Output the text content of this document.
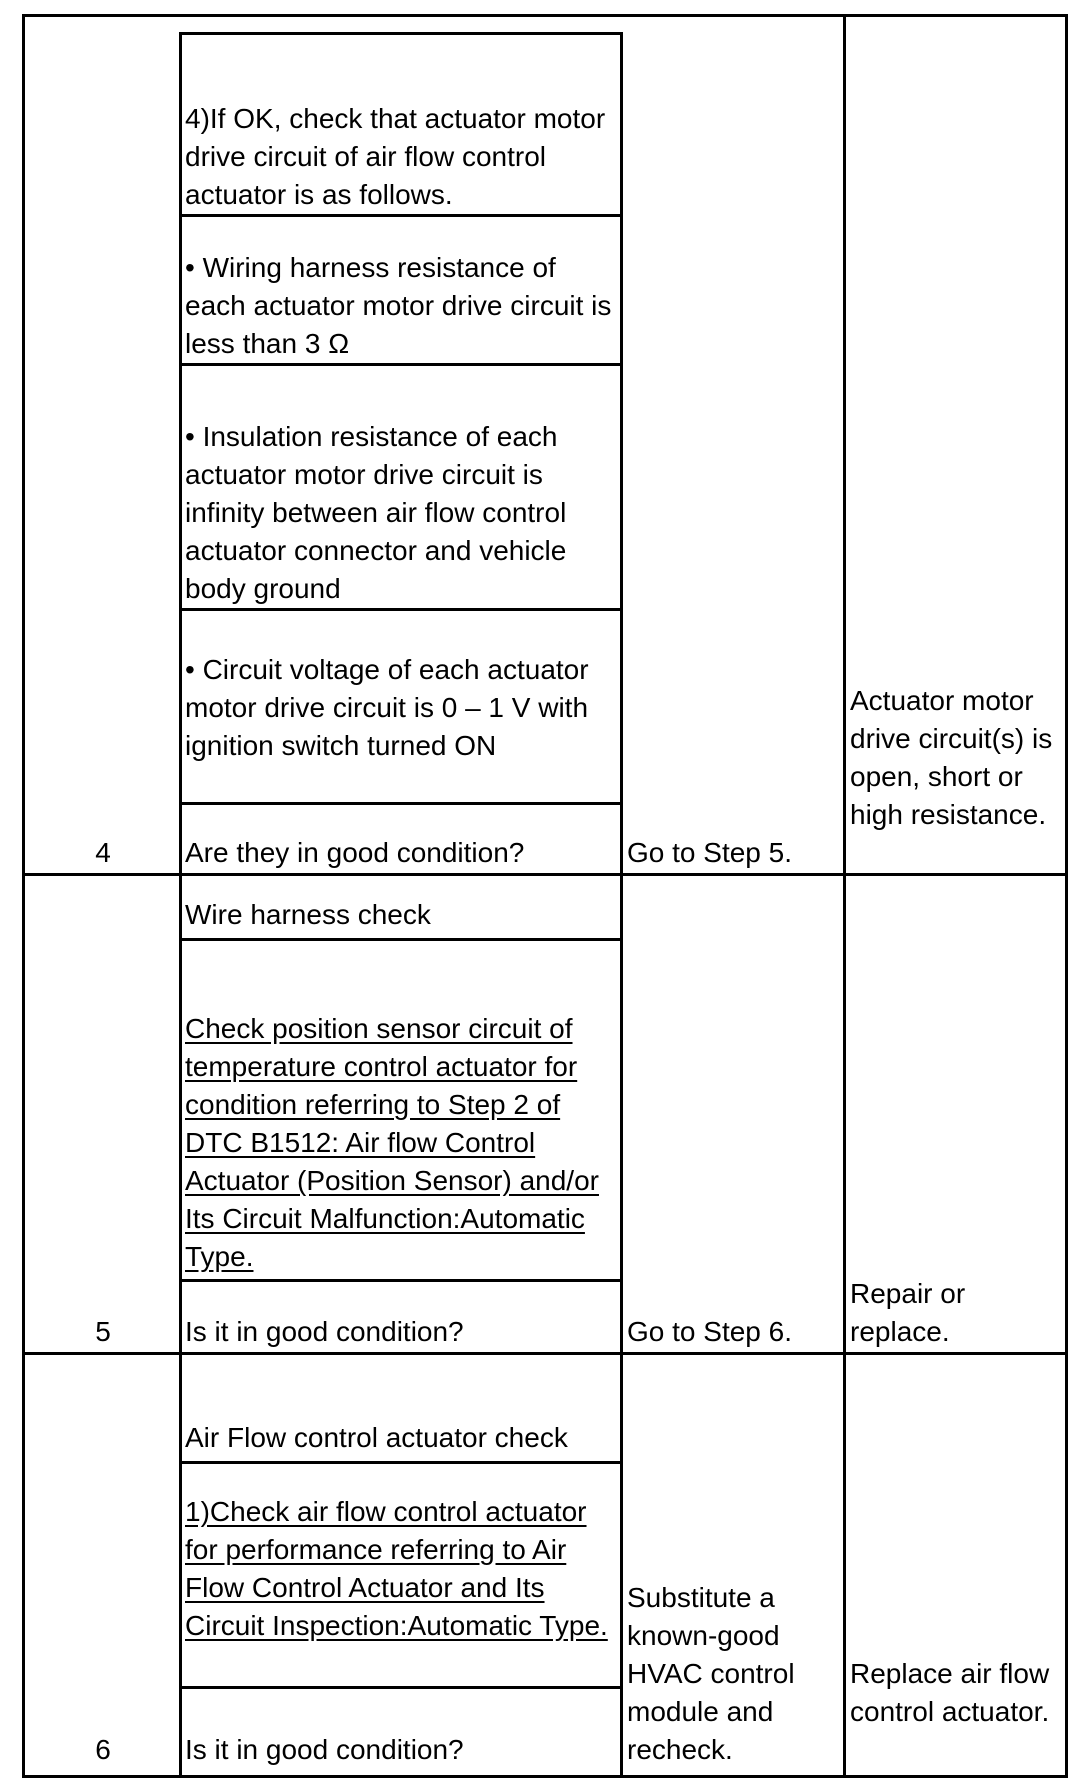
4)If OK, check that actuator motor drive circuit of air flow control actuator is as follows.

• Wiring harness resistance of each actuator motor drive circuit is less than 3 Ω

• Insulation resistance of each actuator motor drive circuit is infinity between air flow control actuator connector and vehicle body ground

• Circuit voltage of each actuator motor drive circuit is 0 – 1 V with ignition switch turned ON

Are they in good condition?

4	Go to Step 5.

Actuator motor drive circuit(s) is open, short or high resistance.

Wire harness check

Check position sensor circuit of temperature control actuator for condition referring to Step 2 of DTC B1512: Air flow Control Actuator (Position Sensor) and/or Its Circuit Malfunction:Automatic Type.

Is it in good condition?

5	Go to Step 6.

Repair or replace.

Air Flow control actuator check

1)Check air flow control actuator for performance referring to Air Flow Control Actuator and Its Circuit Inspection:Automatic Type.

Is it in good condition?

6

Substitute a known-good HVAC control module and recheck.

Replace air flow control actuator.
